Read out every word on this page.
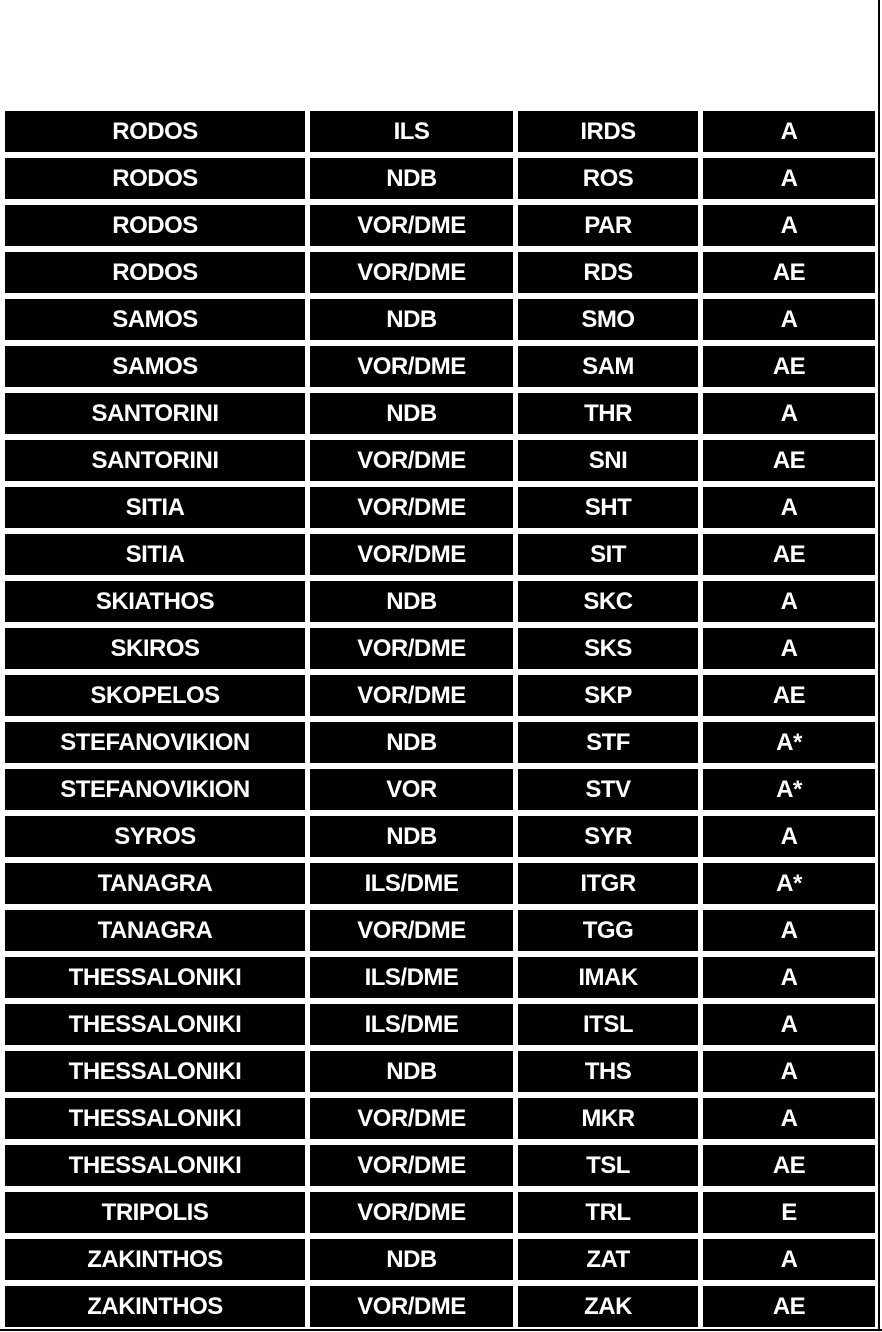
RODOS	ILS	IRDS	A
RODOS	NDB	ROS	A
RODOS	VOR/DME	PAR	A
RODOS	VOR/DME	RDS	AE
SAMOS	NDB	SMO	A
SAMOS	VOR/DME	SAM	AE
SANTORINI	NDB	THR	A
SANTORINI	VOR/DME	SNI	AE
SITIA	VOR/DME	SHT	A
SITIA	VOR/DME	SIT	AE
SKIATHOS	NDB	SKC	A
SKIROS	VOR/DME	SKS	A
SKOPELOS	VOR/DME	SKP	AE
STEFANOVIKION	NDB	STF	A*
STEFANOVIKION	VOR	STV	A*
SYROS	NDB	SYR	A
TANAGRA	ILS/DME	ITGR	A*
TANAGRA	VOR/DME	TGG	A
THESSALONIKI	ILS/DME	IMAK	A
THESSALONIKI	ILS/DME	ITSL	A
THESSALONIKI	NDB	THS	A
THESSALONIKI	VOR/DME	MKR	A
THESSALONIKI	VOR/DME	TSL	AE
TRIPOLIS	VOR/DME	TRL	E
ZAKINTHOS	NDB	ZAT	A
ZAKINTHOS	VOR/DME	ZAK	AE
